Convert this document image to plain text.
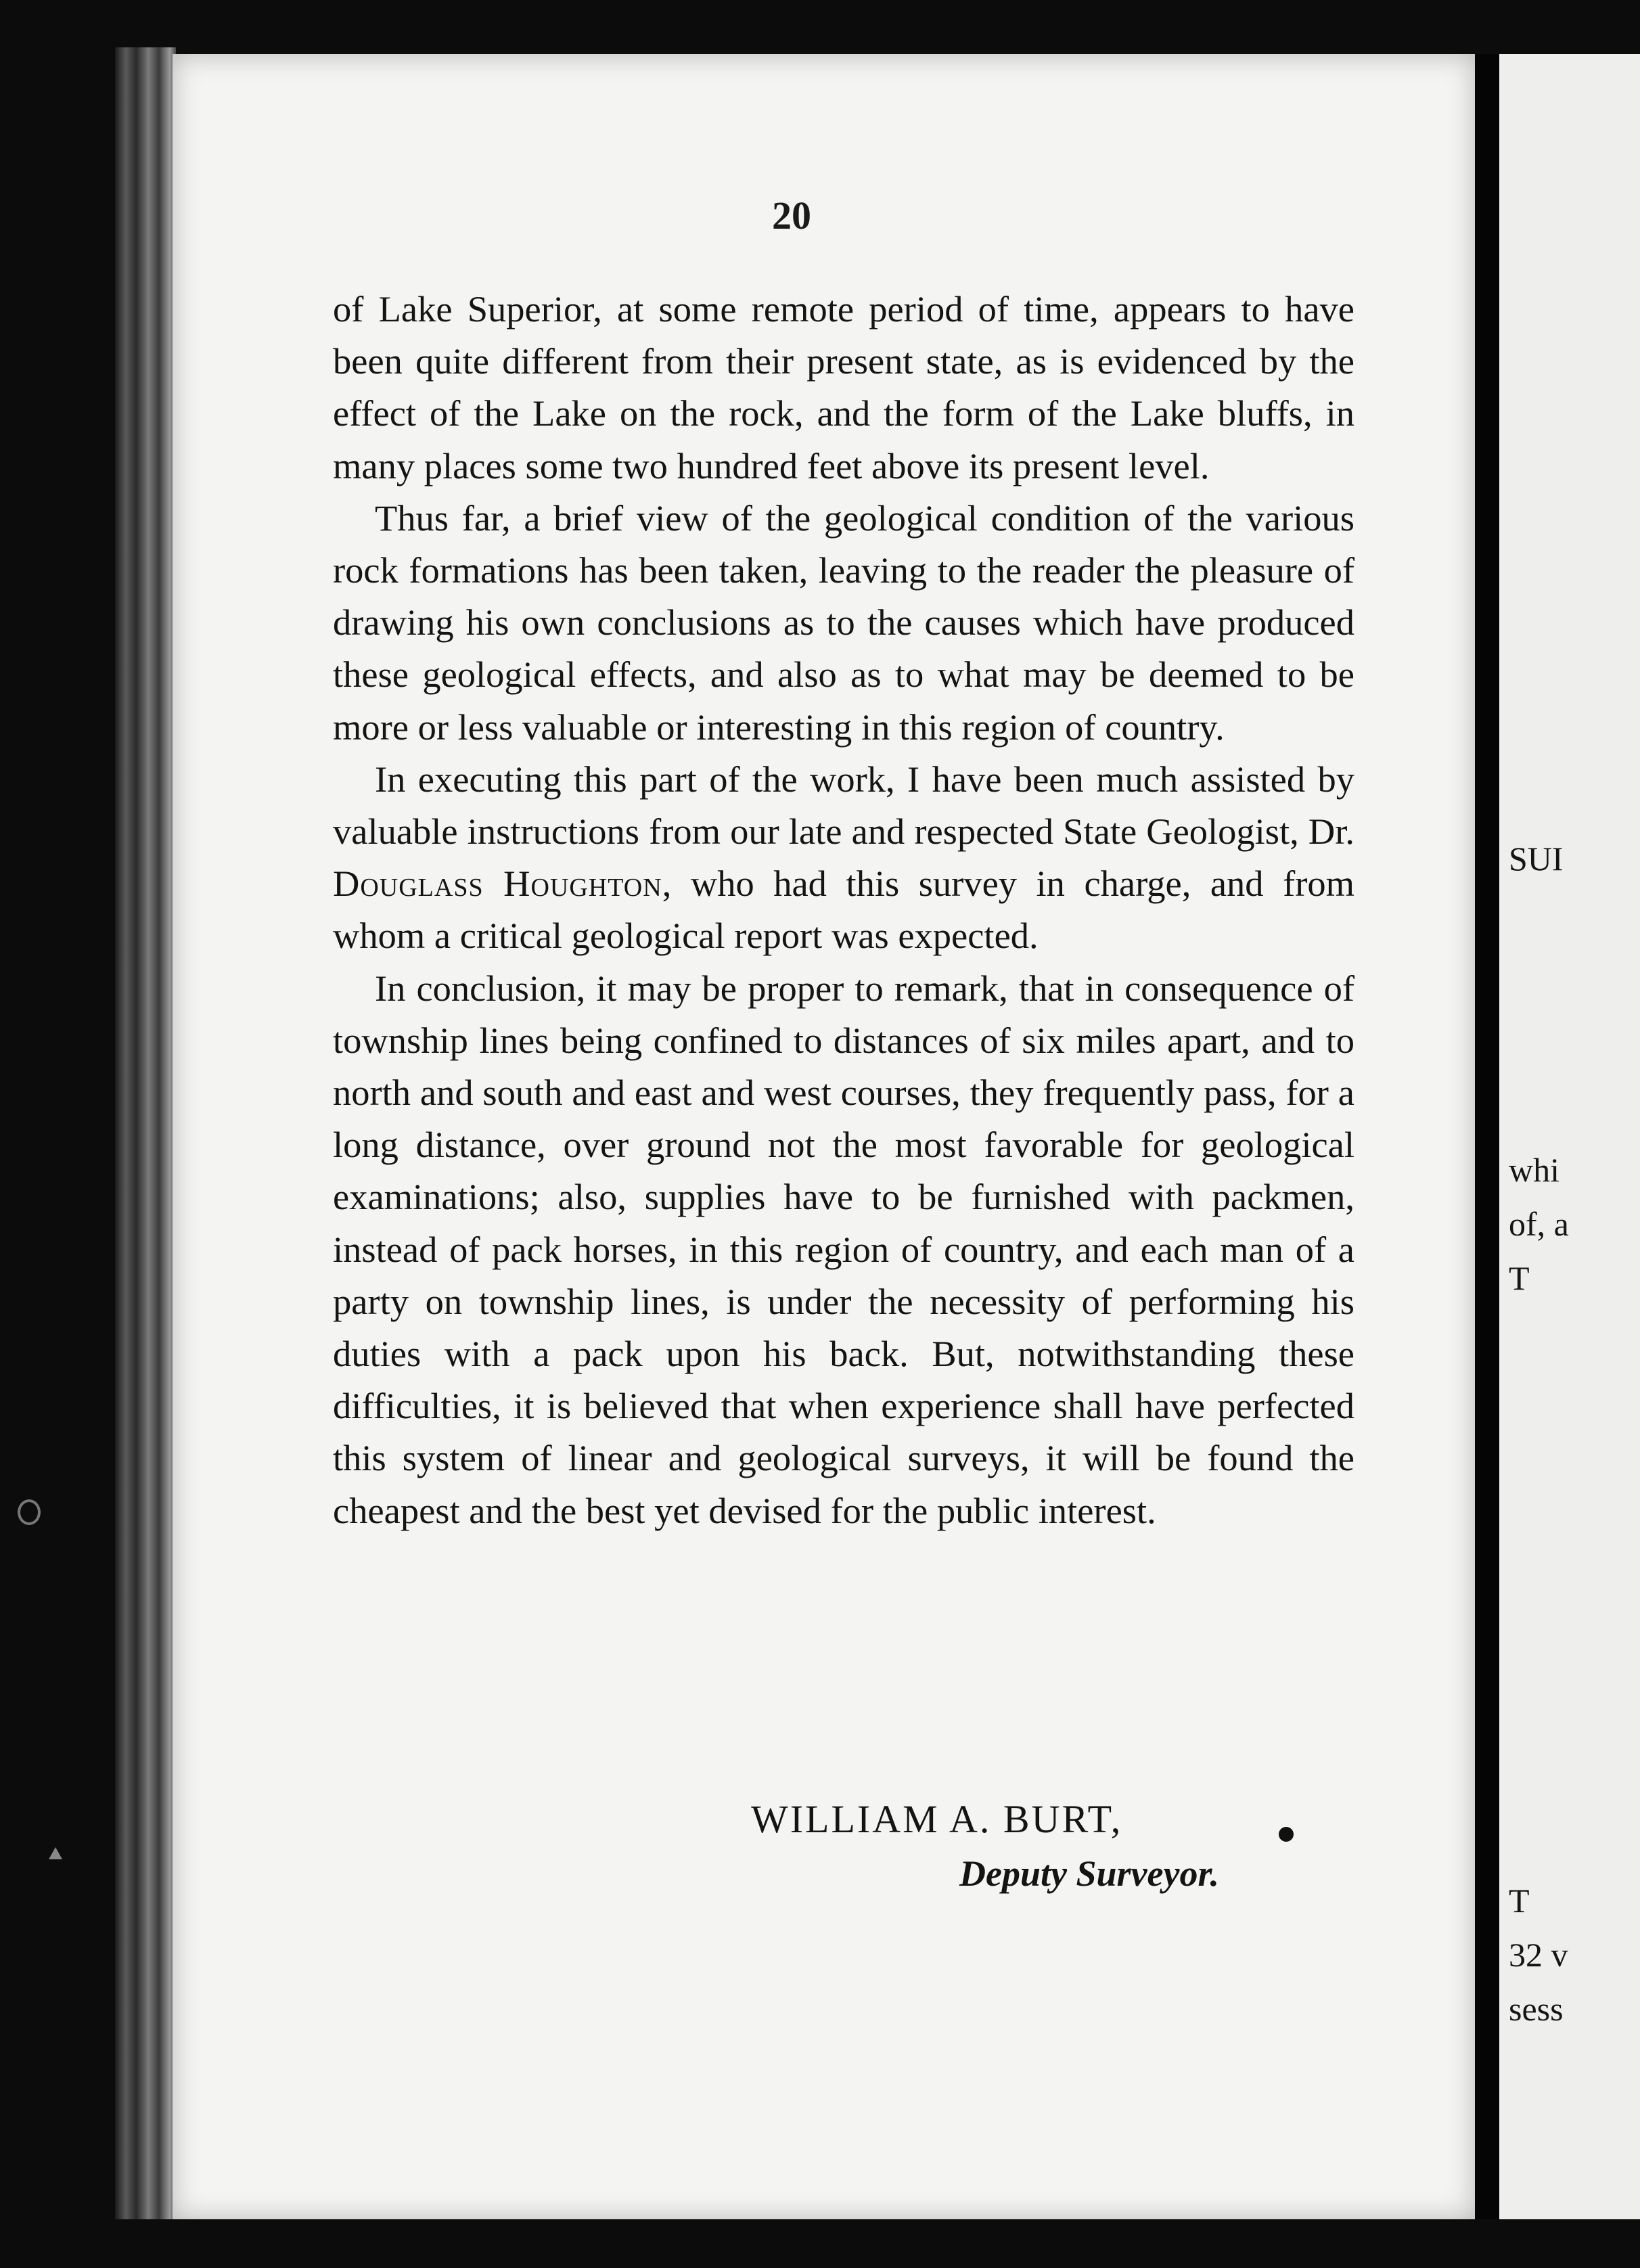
SUI

whi

of, a

T

T

32 v

sess

20

of Lake Superior, at some remote period of time, appears to have been quite different from their present state, as is evidenced by the effect of the Lake on the rock, and the form of the Lake bluffs, in many places some two hundred feet above its present level.

Thus far, a brief view of the geological condition of the various rock formations has been taken, leaving to the reader the pleasure of drawing his own conclusions as to the causes which have produced these geological effects, and also as to what may be deemed to be more or less valuable or interesting in this region of country.

In executing this part of the work, I have been much assisted by valuable instructions from our late and respected State Geologist, Dr. Douglass Houghton, who had this survey in charge, and from whom a critical geological report was expected.

In conclusion, it may be proper to remark, that in consequence of township lines being confined to distances of six miles apart, and to north and south and east and west courses, they frequently pass, for a long distance, over ground not the most favorable for geological examinations; also, supplies have to be furnished with packmen, instead of pack horses, in this region of country, and each man of a party on township lines, is under the necessity of performing his duties with a pack upon his back. But, notwithstanding these difficulties, it is believed that when experience shall have perfected this system of linear and geological surveys, it will be found the cheapest and the best yet devised for the public interest.

WILLIAM A. BURT,

Deputy Surveyor.
